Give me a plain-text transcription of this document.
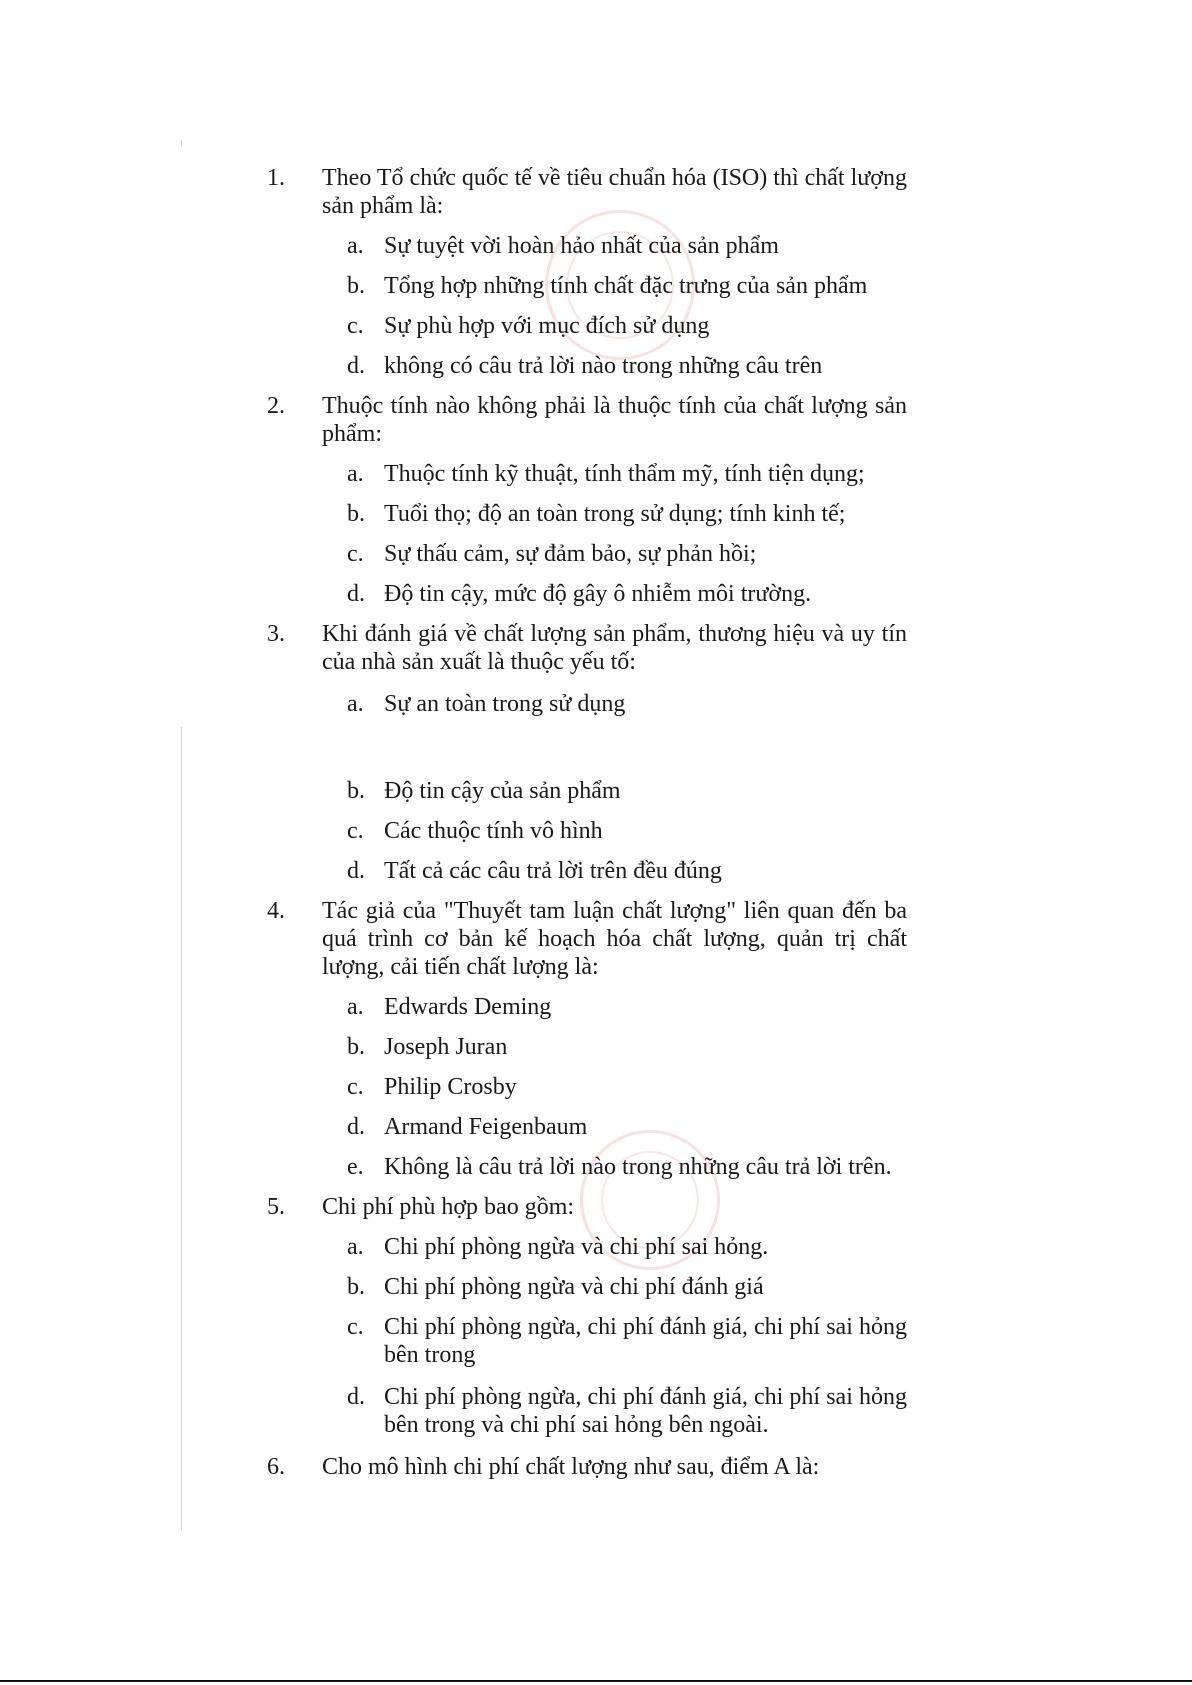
1. Theo Tổ chức quốc tế về tiêu chuẩn hóa (ISO) thì chất lượng sản phẩm là:
a. Sự tuyệt vời hoàn hảo nhất của sản phẩm
b. Tổng hợp những tính chất đặc trưng của sản phẩm
c. Sự phù hợp với mục đích sử dụng
d. không có câu trả lời nào trong những câu trên
2. Thuộc tính nào không phải là thuộc tính của chất lượng sản phẩm:
a. Thuộc tính kỹ thuật, tính thẩm mỹ, tính tiện dụng;
b. Tuổi thọ; độ an toàn trong sử dụng; tính kinh tế;
c. Sự thấu cảm, sự đảm bảo, sự phản hồi;
d. Độ tin cậy, mức độ gây ô nhiễm môi trường.
3. Khi đánh giá về chất lượng sản phẩm, thương hiệu và uy tín của nhà sản xuất là thuộc yếu tố:
a. Sự an toàn trong sử dụng
b. Độ tin cậy của sản phẩm
c. Các thuộc tính vô hình
d. Tất cả các câu trả lời trên đều đúng
4. Tác giả của "Thuyết tam luận chất lượng" liên quan đến ba quá trình cơ bản kế hoạch hóa chất lượng, quản trị chất lượng, cải tiến chất lượng là:
a. Edwards Deming
b. Joseph Juran
c. Philip Crosby
d. Armand Feigenbaum
e. Không là câu trả lời nào trong những câu trả lời trên.
5. Chi phí phù hợp bao gồm:
a. Chi phí phòng ngừa và chi phí sai hỏng.
b. Chi phí phòng ngừa và chi phí đánh giá
c. Chi phí phòng ngừa, chi phí đánh giá, chi phí sai hỏng bên trong
d. Chi phí phòng ngừa, chi phí đánh giá, chi phí sai hỏng bên trong và chi phí sai hỏng bên ngoài.
6. Cho mô hình chi phí chất lượng như sau, điểm A là:
